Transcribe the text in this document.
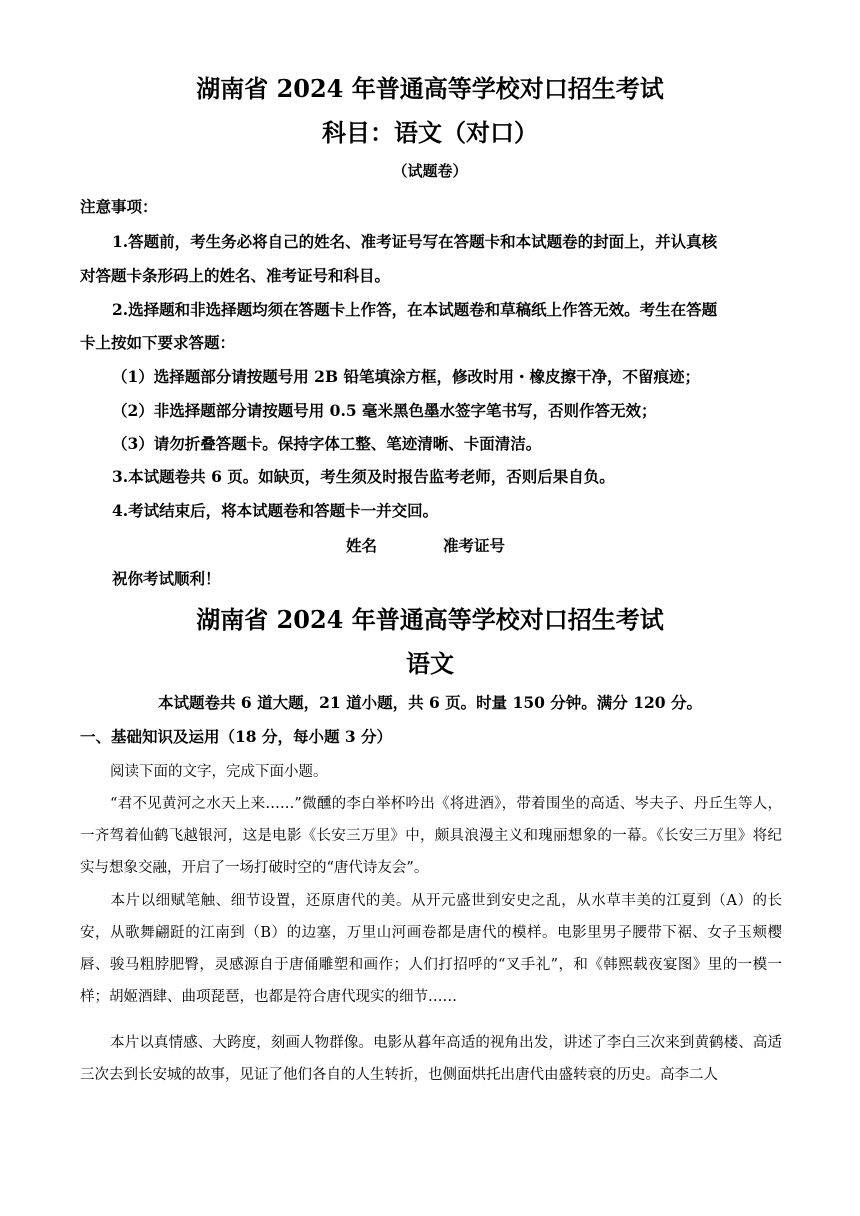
湖南省 2024 年普通高等学校对口招生考试
科目：语文（对口）
（试题卷）
注意事项：
1.答题前，考生务必将自己的姓名、准考证号写在答题卡和本试题卷的封面上，并认真核
对答题卡条形码上的姓名、准考证号和科目。
2.选择题和非选择题均须在答题卡上作答，在本试题卷和草稿纸上作答无效。考生在答题
卡上按如下要求答题：
（1）选择题部分请按题号用 2B 铅笔填涂方框，修改时用・橡皮擦干净，不留痕迹；
（2）非选择题部分请按题号用 0.5 毫米黑色墨水签字笔书写，否则作答无效；
（3）请勿折叠答题卡。保持字体工整、笔迹清晰、卡面清洁。
3.本试题卷共 6 页。如缺页，考生须及时报告监考老师，否则后果自负。
4.考试结束后，将本试题卷和答题卡一并交回。
姓名	准考证号
祝你考试顺利！
湖南省 2024 年普通高等学校对口招生考试
语文
本试题卷共 6 道大题，21 道小题，共 6 页。时量 150 分钟。满分 120 分。
一、基础知识及运用（18 分，每小题 3 分）
阅读下面的文字，完成下面小题。
“君不见黄河之水天上来……”微醺的李白举杯吟出《将进酒》，带着围坐的高适、岑夫子、丹丘生等人，一齐驾着仙鹤飞越银河，这是电影《长安三万里》中，颇具浪漫主义和瑰丽想象的一幕。《长安三万里》将纪实与想象交融，开启了一场打破时空的“唐代诗友会”。
本片以细赋笔触、细节设置，还原唐代的美。从开元盛世到安史之乱，从水草丰美的江夏到（A）的长安，从歌舞翩跹的江南到（B）的边塞，万里山河画卷都是唐代的模样。电影里男子腰带下裾、女子玉颊樱唇、骏马粗脖肥臀，灵感源自于唐俑雕塑和画作；人们打招呼的“叉手礼”，和《韩熙载夜宴图》里的一模一样；胡姬酒肆、曲项琵琶，也都是符合唐代现实的细节……
本片以真情感、大跨度，刻画人物群像。电影从暮年高适的视角出发，讲述了李白三次来到黄鹤楼、高适三次去到长安城的故事，见证了他们各自的人生转折，也侧面烘托出唐代由盛转衰的历史。高李二人
